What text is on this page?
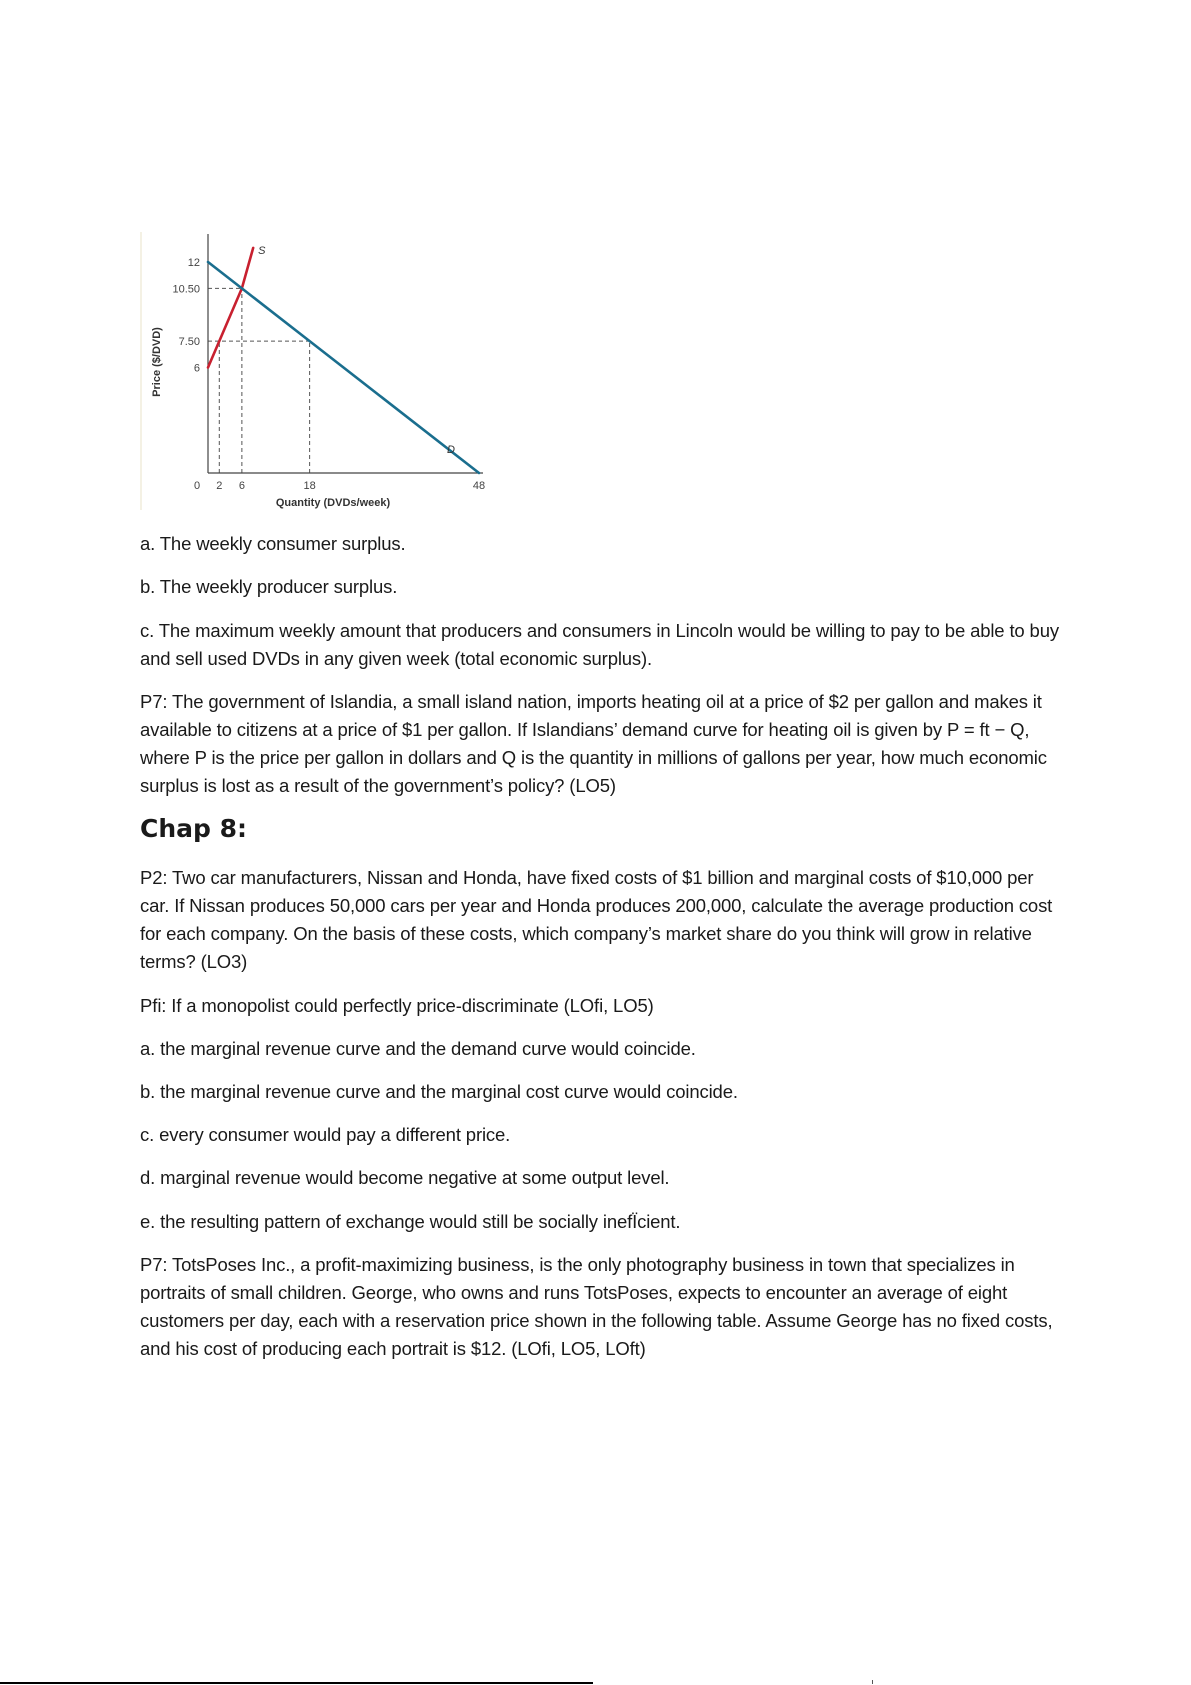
12
10.50
7.50
6
0 2 6	18	48
Price ($/DVD)
Quantity (DVDs/week)
S
D

a. The weekly consumer surplus.

b. The weekly producer surplus.

c. The maximum weekly amount that producers and consumers in Lincoln would be willing to pay to be able to buy and sell used DVDs in any given week (total economic surplus).

P7: The government of Islandia, a small island nation, imports heating oil at a price of $2 per gallon and makes it available to citizens at a price of $1 per gallon. If Islandians’ demand curve for heating oil is given by P = ft − Q, where P is the price per gallon in dollars and Q is the quantity in millions of gallons per year, how much economic surplus is lost as a result of the government’s policy? (LO5)

Chap 8:

P2: Two car manufacturers, Nissan and Honda, have fixed costs of $1 billion and marginal costs of $10,000 per car. If Nissan produces 50,000 cars per year and Honda produces 200,000, calculate the average production cost for each company. On the basis of these costs, which company’s market share do you think will grow in relative terms? (LO3)

Pﬁ: If a monopolist could perfectly price-discriminate (LOﬁ, LO5)

a. the marginal revenue curve and the demand curve would coincide.

b. the marginal revenue curve and the marginal cost curve would coincide.

c. every consumer would pay a different price.

d. marginal revenue would become negative at some output level.

e. the resulting pattern of exchange would still be socially inefÏcient.

P7: TotsPoses Inc., a profit-maximizing business, is the only photography business in town that specializes in portraits of small children. George, who owns and runs TotsPoses, expects to encounter an average of eight customers per day, each with a reservation price shown in the following table. Assume George has no fixed costs, and his cost of producing each portrait is $12. (LOﬁ, LO5, LOft)
